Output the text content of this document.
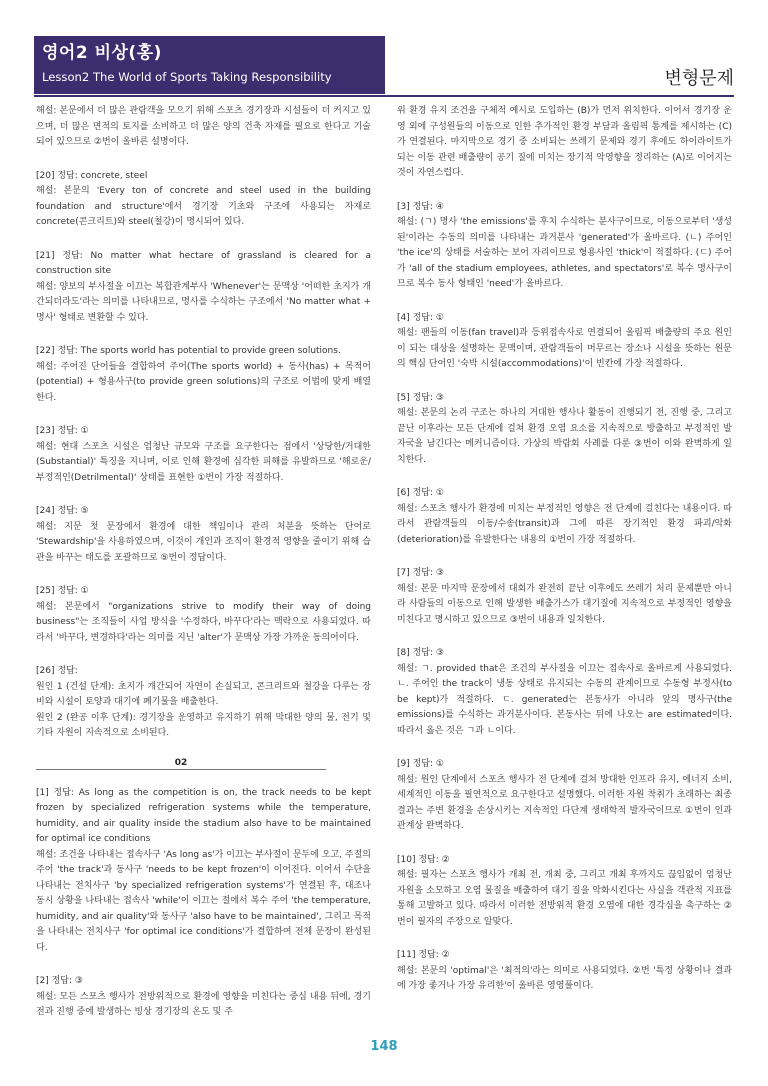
영어2 비상(홍)
Lesson2 The World of Sports Taking Responsibility	변형문제

해설: 본문에서 더 많은 관람객을 모으기 위해 스포츠 경기장과 시설들이 더 커지고 있으며, 더 많은 면적의 토지를 소비하고 더 많은 양의 건축 자재를 필요로 한다고 기술되어 있으므로 ②번이 올바른 설명이다.

[20] 정답: concrete, steel
해설: 본문의 'Every ton of concrete and steel used in the building foundation and structure'에서 경기장 기초와 구조에 사용되는 자재로 concrete(콘크리트)와 steel(철강)이 명시되어 있다.

[21] 정답: No matter what hectare of grassland is cleared for a construction site
해설: 양보의 부사절을 이끄는 복합관계부사 'Whenever'는 문맥상 '어떠한 초지가 개간되더라도'라는 의미를 나타내므로, 명사를 수식하는 구조에서 'No matter what + 명사' 형태로 변환할 수 있다.

[22] 정답: The sports world has potential to provide green solutions.
해설: 주어진 단어들을 결합하여 주어(The sports world) + 동사(has) + 목적어(potential) + 형용사구(to provide green solutions)의 구조로 어법에 맞게 배열한다.

[23] 정답: ①
해설: 현대 스포츠 시설은 엄청난 규모와 구조를 요구한다는 점에서 '상당한/거대한(Substantial)' 특징을 지니며, 이로 인해 환경에 심각한 피해를 유발하므로 '해로운/부정적인(Detrilmental)' 상태를 표현한 ①번이 가장 적절하다.

[24] 정답: ⑤
해설: 지문 첫 문장에서 환경에 대한 책임이나 관리 처분을 뜻하는 단어로 'Stewardship'을 사용하였으며, 이것이 개인과 조직이 환경적 영향을 줄이기 위해 습관을 바꾸는 태도를 포괄하므로 ⑤번이 정답이다.

[25] 정답: ①
해설: 본문에서 "organizations strive to modify their way of doing business"는 조직들이 사업 방식을 '수정하다, 바꾸다'라는 맥락으로 사용되었다. 따라서 '바꾸다, 변경하다'라는 의미를 지닌 'alter'가 문맥상 가장 가까운 동의어이다.

[26] 정답:
원인 1 (건설 단계): 초지가 개간되어 자연이 손실되고, 콘크리트와 철강을 다루는 장비와 시설이 토양과 대기에 폐기물을 배출한다.
원인 2 (완공 이후 단계): 경기장을 운영하고 유지하기 위해 막대한 양의 물, 전기 및 기타 자원이 지속적으로 소비된다.

02

[1] 정답: As long as the competition is on, the track needs to be kept frozen by specialized refrigeration systems while the temperature, humidity, and air quality inside the stadium also have to be maintained for optimal ice conditions
해설: 조건을 나타내는 접속사구 'As long as'가 이끄는 부사절이 문두에 오고, 주절의 주어 'the track'과 동사구 'needs to be kept frozen'이 이어진다. 이어서 수단을 나타내는 전치사구 'by specialized refrigeration systems'가 연결된 후, 대조나 동시 상황을 나타내는 접속사 'while'이 이끄는 절에서 복수 주어 'the temperature, humidity, and air quality'와 동사구 'also have to be maintained', 그리고 목적을 나타내는 전치사구 'for optimal ice conditions'가 결합하여 전체 문장이 완성된다.

[2] 정답: ③
해설: 모든 스포츠 행사가 전방위적으로 환경에 영향을 미친다는 중심 내용 뒤에, 경기 전과 진행 중에 발생하는 빙상 경기장의 온도 및 주

위 환경 유지 조건을 구체적 예시로 도입하는 (B)가 먼저 위치한다. 이어서 경기장 운영 외에 구성원들의 이동으로 인한 추가적인 환경 부담과 올림픽 통계를 제시하는 (C)가 연결된다. 마지막으로 경기 중 소비되는 쓰레기 문제와 경기 후에도 하이라이트가 되는 이동 관련 배출량이 공기 질에 미치는 장기적 악영향을 정리하는 (A)로 이어지는 것이 자연스럽다.

[3] 정답: ④
해설: (ㄱ) 명사 'the emissions'를 후치 수식하는 분사구이므로, 이동으로부터 '생성된'이라는 수동의 의미를 나타내는 과거분사 'generated'가 올바르다. (ㄴ) 주어인 'the ice'의 상태를 서술하는 보어 자리이므로 형용사인 'thick'이 적절하다. (ㄷ) 주어가 'all of the stadium employees, athletes, and spectators'로 복수 명사구이므로 복수 동사 형태인 'need'가 올바르다.

[4] 정답: ①
해설: 팬들의 이동(fan travel)과 등위접속사로 연결되어 올림픽 배출량의 주요 원인이 되는 대상을 설명하는 문맥이며, 관람객들이 머무르는 장소나 시설을 뜻하는 원문의 핵심 단어인 '숙박 시설(accommodations)'이 빈칸에 가장 적절하다.

[5] 정답: ③
해설: 본문의 논리 구조는 하나의 거대한 행사나 활동이 진행되기 전, 진행 중, 그리고 끝난 이후라는 모든 단계에 걸쳐 환경 오염 요소를 지속적으로 방출하고 부정적인 발자국을 남긴다는 메커니즘이다. 가상의 박람회 사례를 다룬 ③번이 이와 완벽하게 일치한다.

[6] 정답: ①
해설: 스포츠 행사가 환경에 미치는 부정적인 영향은 전 단계에 걸친다는 내용이다. 따라서 관람객들의 이동/수송(transit)과 그에 따른 장기적인 환경 파괴/악화(deterioration)를 유발한다는 내용의 ①번이 가장 적절하다.

[7] 정답: ③
해설: 본문 마지막 문장에서 대회가 완전히 끝난 이후에도 쓰레기 처리 문제뿐만 아니라 사람들의 이동으로 인해 발생한 배출가스가 대기질에 지속적으로 부정적인 영향을 미친다고 명시하고 있으므로 ③번이 내용과 일치한다.

[8] 정답: ③
해설: ㄱ. provided that은 조건의 부사절을 이끄는 접속사로 올바르게 사용되었다. ㄴ. 주어인 the track이 냉동 상태로 유지되는 수동의 관계이므로 수동형 부정사(to be kept)가 적절하다. ㄷ. generated는 본동사가 아니라 앞의 명사구(the emissions)를 수식하는 과거분사이다. 본동사는 뒤에 나오는 are estimated이다. 따라서 옳은 것은 ㄱ과 ㄴ이다.

[9] 정답: ①
해설: 원인 단계에서 스포츠 행사가 전 단계에 걸쳐 방대한 인프라 유지, 에너지 소비, 세계적인 이동을 필연적으로 요구한다고 설명했다. 이러한 자원 착취가 초래하는 최종 결과는 주변 환경을 손상시키는 지속적인 다단계 생태학적 발자국이므로 ①번이 인과관계상 완벽하다.

[10] 정답: ②
해설: 필자는 스포츠 행사가 개최 전, 개최 중, 그리고 개최 후까지도 끊임없이 엄청난 자원을 소모하고 오염 물질을 배출하여 대기 질을 악화시킨다는 사실을 객관적 지표를 통해 고발하고 있다. 따라서 이러한 전방위적 환경 오염에 대한 경각심을 촉구하는 ②번이 필자의 주장으로 알맞다.

[11] 정답: ②
해설: 본문의 'optimal'은 '최적의'라는 의미로 사용되었다. ②번 '특정 상황이나 결과에 가장 좋거나 가장 유리한'이 올바른 영영풀이다.

148
